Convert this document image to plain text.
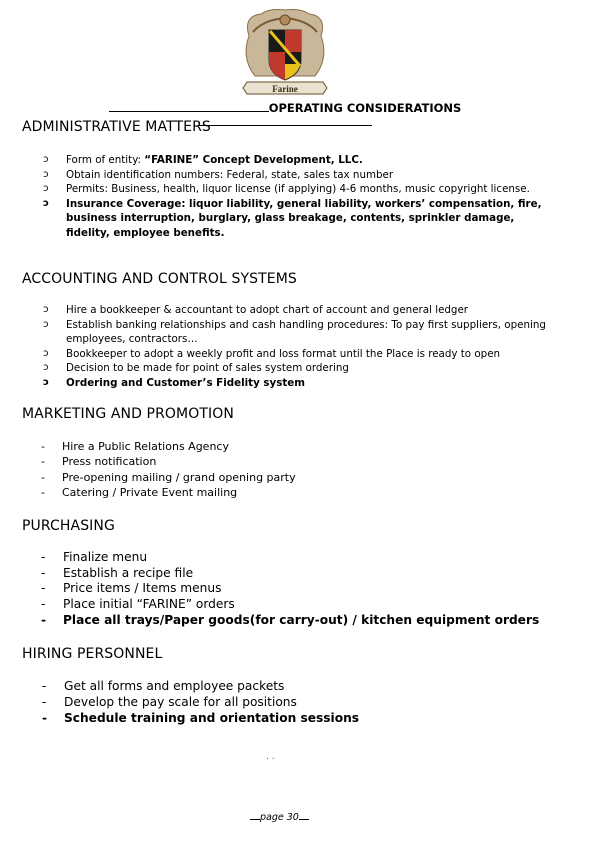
Farine
OPERATING CONSIDERATIONS
ADMINISTRATIVE MATTERS
ↄ Form of entity: “FARINE” Concept Development, LLC.
ↄ Obtain identification numbers: Federal, state, sales tax number
ↄ Permits: Business, health, liquor license (if applying) 4-6 months, music copyright license.
ↄ Insurance Coverage: liquor liability, general liability, workers’ compensation, fire, business interruption, burglary, glass breakage, contents, sprinkler damage, fidelity, employee benefits.
ACCOUNTING AND CONTROL SYSTEMS
ↄ Hire a bookkeeper & accountant to adopt chart of account and general ledger
ↄ Establish banking relationships and cash handling procedures: To pay first suppliers, opening employees, contractors…
ↄ Bookkeeper to adopt a weekly profit and loss format until the Place is ready to open
ↄ Decision to be made for point of sales system ordering
ↄ Ordering and Customer’s Fidelity system
MARKETING AND PROMOTION
- Hire a Public Relations Agency
- Press notification
- Pre-opening mailing / grand opening party
- Catering / Private Event mailing
PURCHASING
- Finalize menu
- Establish a recipe file
- Price items / Items menus
- Place initial “FARINE” orders
- Place all trays/Paper goods(for carry-out) / kitchen equipment orders
HIRING PERSONNEL
- Get all forms and employee packets
- Develop the pay scale for all positions
- Schedule training and orientation sessions
. .
page 30
